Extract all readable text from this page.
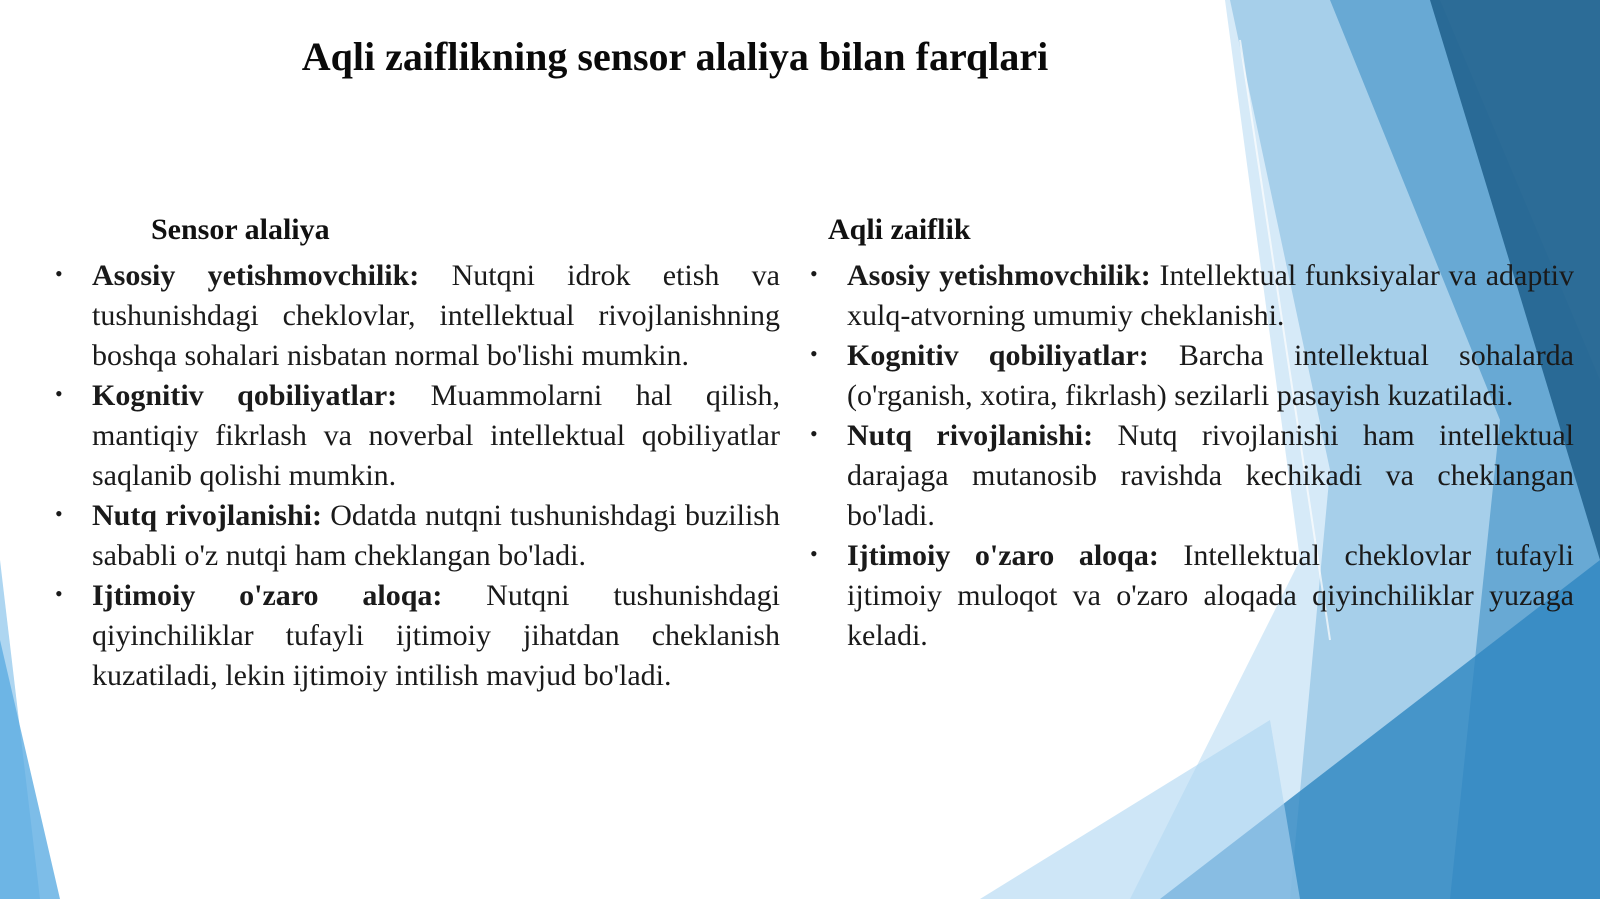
Aqli zaiflikning sensor alaliya bilan farqlari
Sensor alaliya
• Asosiy yetishmovchilik: Nutqni idrok etish va tushunishdagi cheklovlar, intellektual rivojlanishning boshqa sohalari nisbatan normal bo'lishi mumkin.
• Kognitiv qobiliyatlar: Muammolarni hal qilish, mantiqiy fikrlash va noverbal intellektual qobiliyatlar saqlanib qolishi mumkin.
• Nutq rivojlanishi: Odatda nutqni tushunishdagi buzilish sababli o'z nutqi ham cheklangan bo'ladi.
• Ijtimoiy o'zaro aloqa: Nutqni tushunishdagi qiyinchiliklar tufayli ijtimoiy jihatdan cheklanish kuzatiladi, lekin ijtimoiy intilish mavjud bo'ladi.
Aqli zaiflik
• Asosiy yetishmovchilik: Intellektual funksiyalar va adaptiv xulq-atvorning umumiy cheklanishi.
• Kognitiv qobiliyatlar: Barcha intellektual sohalarda (o'rganish, xotira, fikrlash) sezilarli pasayish kuzatiladi.
• Nutq rivojlanishi: Nutq rivojlanishi ham intellektual darajaga mutanosib ravishda kechikadi va cheklangan bo'ladi.
• Ijtimoiy o'zaro aloqa: Intellektual cheklovlar tufayli ijtimoiy muloqot va o'zaro aloqada qiyinchiliklar yuzaga keladi.
